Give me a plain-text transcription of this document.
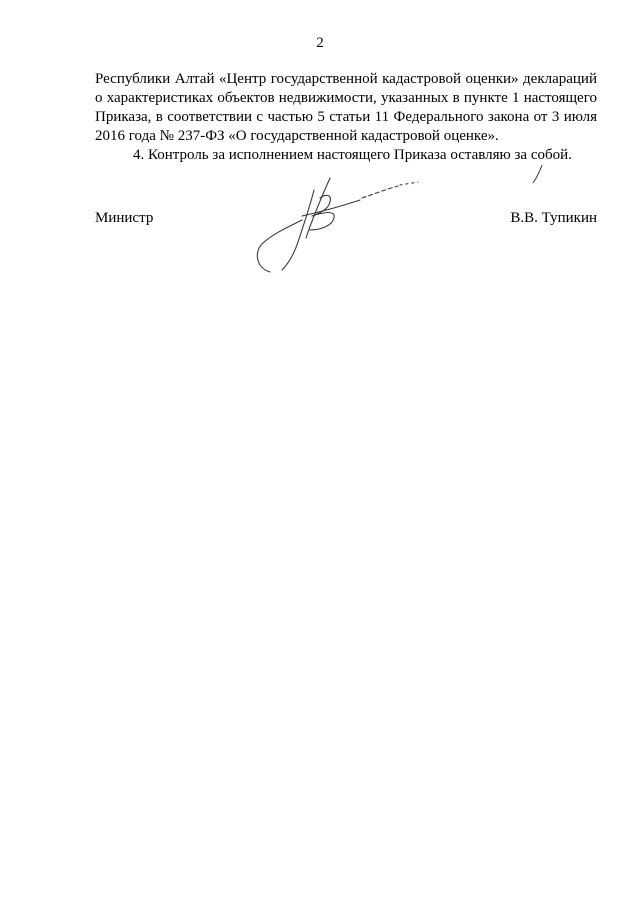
2
Республики Алтай «Центр государственной кадастровой оценки» деклараций
о характеристиках объектов недвижимости, указанных в пункте 1 настоящего
Приказа, в соответствии с частью 5 статьи 11 Федерального закона от 3 июля
2016 года № 237-ФЗ «О государственной кадастровой оценке».
4. Контроль за исполнением настоящего Приказа оставляю за собой.
Министр	В.В. Тупикин
